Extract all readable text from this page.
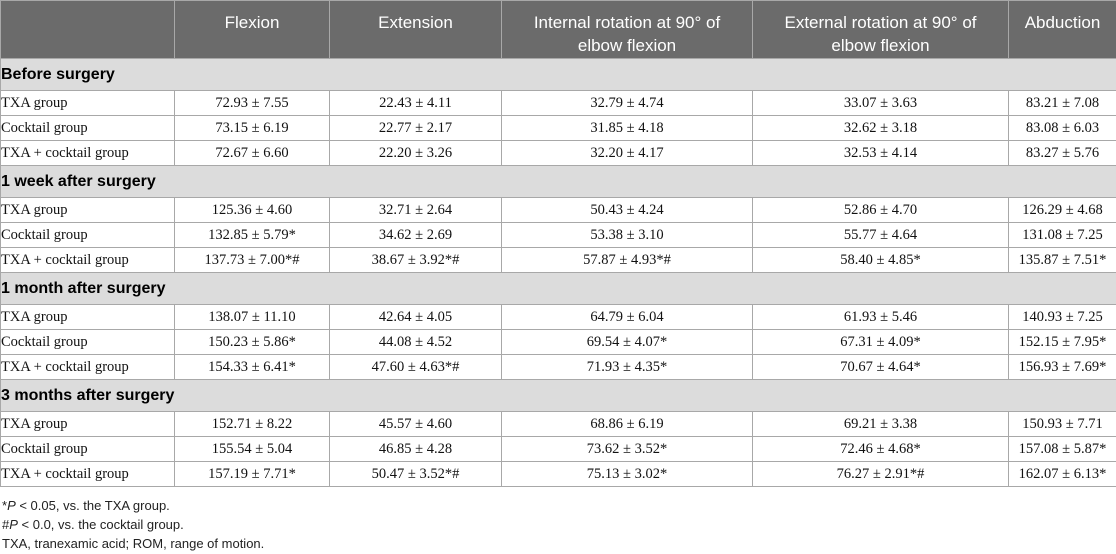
	Flexion	Extension	Internal rotation at 90° of elbow flexion	External rotation at 90° of elbow flexion	Abduction
Before surgery					
TXA group	72.93 ± 7.55	22.43 ± 4.11	32.79 ± 4.74	33.07 ± 3.63	83.21 ± 7.08
Cocktail group	73.15 ± 6.19	22.77 ± 2.17	31.85 ± 4.18	32.62 ± 3.18	83.08 ± 6.03
TXA + cocktail group	72.67 ± 6.60	22.20 ± 3.26	32.20 ± 4.17	32.53 ± 4.14	83.27 ± 5.76
1 week after surgery					
TXA group	125.36 ± 4.60	32.71 ± 2.64	50.43 ± 4.24	52.86 ± 4.70	126.29 ± 4.68
Cocktail group	132.85 ± 5.79*	34.62 ± 2.69	53.38 ± 3.10	55.77 ± 4.64	131.08 ± 7.25
TXA + cocktail group	137.73 ± 7.00*#	38.67 ± 3.92*#	57.87 ± 4.93*#	58.40 ± 4.85*	135.87 ± 7.51*
1 month after surgery					
TXA group	138.07 ± 11.10	42.64 ± 4.05	64.79 ± 6.04	61.93 ± 5.46	140.93 ± 7.25
Cocktail group	150.23 ± 5.86*	44.08 ± 4.52	69.54 ± 4.07*	67.31 ± 4.09*	152.15 ± 7.95*
TXA + cocktail group	154.33 ± 6.41*	47.60 ± 4.63*#	71.93 ± 4.35*	70.67 ± 4.64*	156.93 ± 7.69*
3 months after surgery					
TXA group	152.71 ± 8.22	45.57 ± 4.60	68.86 ± 6.19	69.21 ± 3.38	150.93 ± 7.71
Cocktail group	155.54 ± 5.04	46.85 ± 4.28	73.62 ± 3.52*	72.46 ± 4.68*	157.08 ± 5.87*
TXA + cocktail group	157.19 ± 7.71*	50.47 ± 3.52*#	75.13 ± 3.02*	76.27 ± 2.91*#	162.07 ± 6.13*
*P < 0.05, vs. the TXA group.
#P < 0.0, vs. the cocktail group.
TXA, tranexamic acid; ROM, range of motion.
